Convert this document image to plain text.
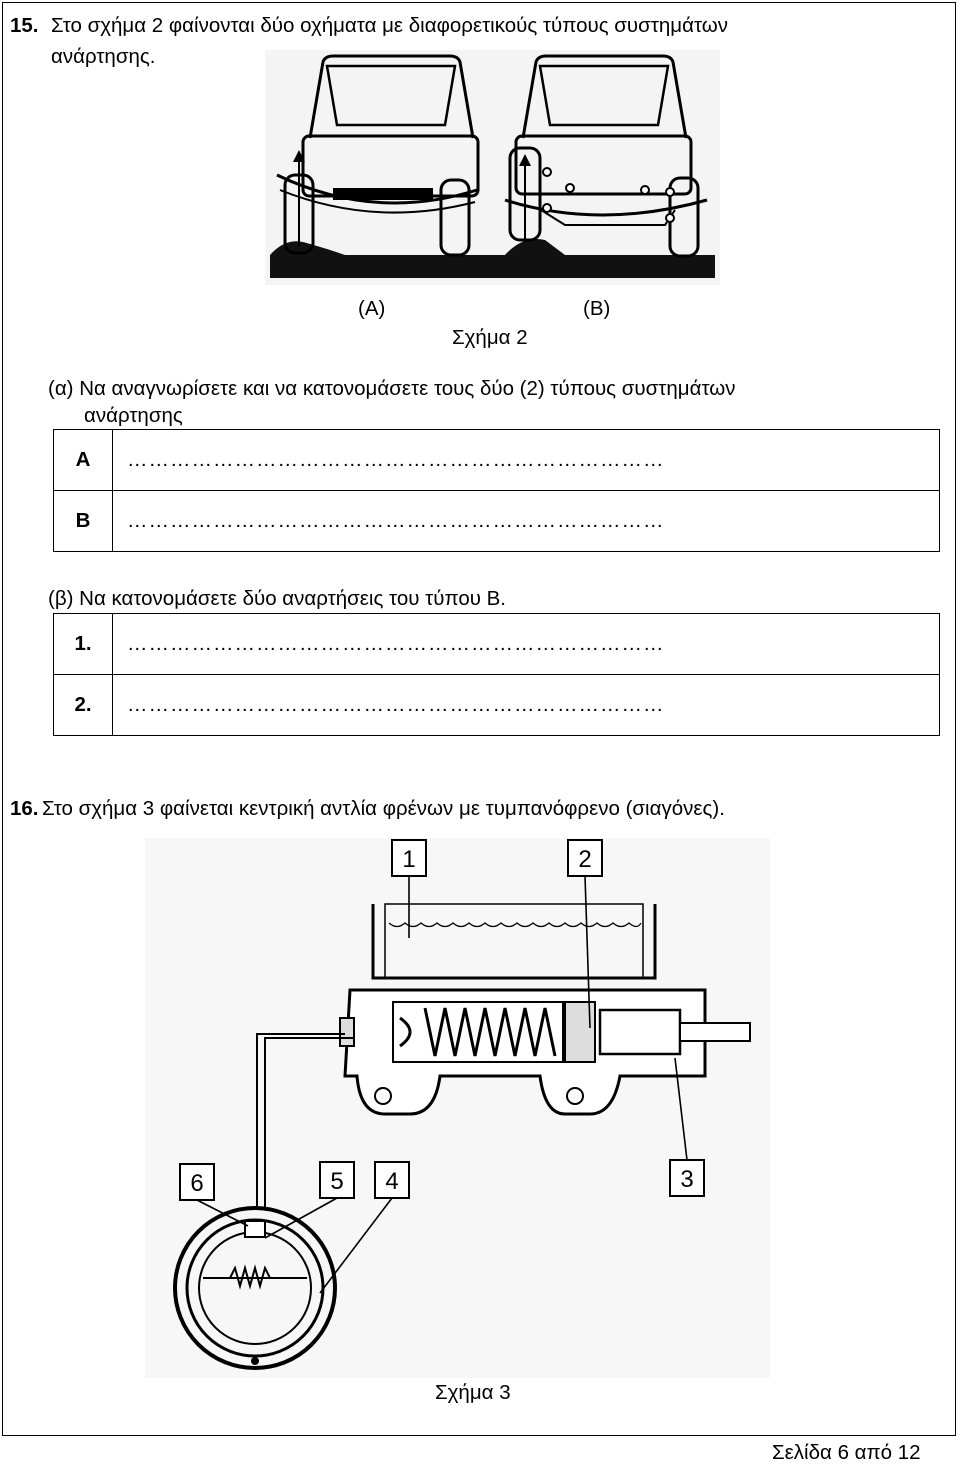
15. Στο σχήμα 2 φαίνονται δύο οχήματα με διαφορετικούς τύπους συστημάτων
ανάρτησης.
(Α)	(Β)
Σχήμα 2
(α) Να αναγνωρίσετε και να κατονομάσετε τους δύο (2) τύπους συστημάτων
ανάρτησης
Α	…………………………………………………………………
Β	…………………………………………………………………
(β) Να κατονομάσετε δύο αναρτήσεις του τύπου Β.
1.	…………………………………………………………………
2.	…………………………………………………………………
16. Στο σχήμα 3 φαίνεται κεντρική αντλία φρένων με τυμπανόφρενο (σιαγόνες).
1	2
3
4
5
6
Σχήμα 3
Σελίδα 6 από 12
